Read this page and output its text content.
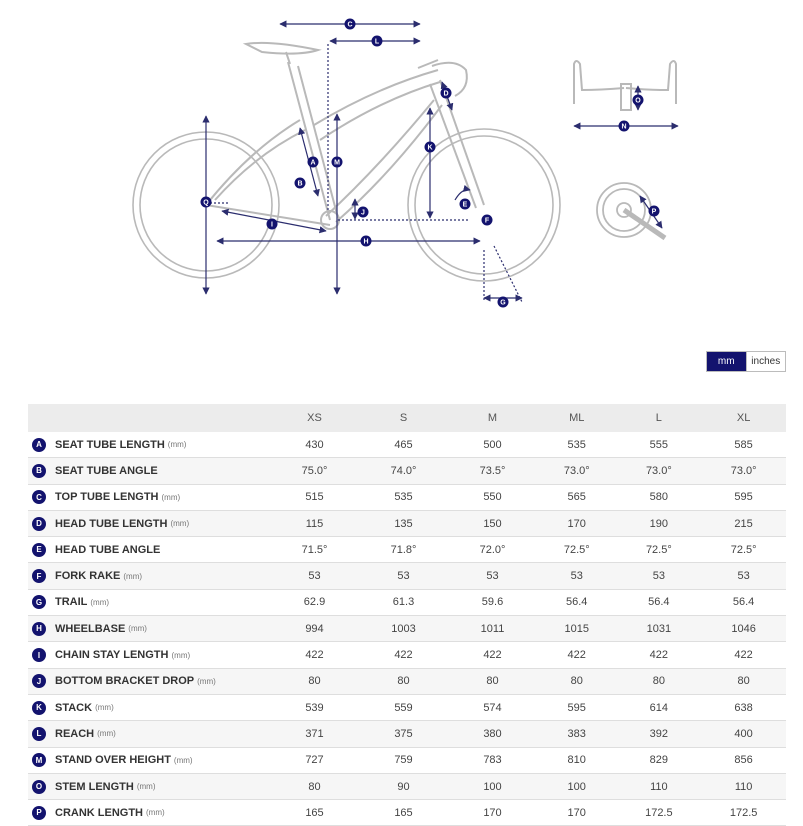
A
B
C
D
E
F
G
H
I
J
K
L
M
N
O
P
Q
mm	inches
	XS	S	M	ML	L	XL
A SEAT TUBE LENGTH (mm)	430	465	500	535	555	585
B SEAT TUBE ANGLE	75.0°	74.0°	73.5°	73.0°	73.0°	73.0°
C TOP TUBE LENGTH (mm)	515	535	550	565	580	595
D HEAD TUBE LENGTH (mm)	115	135	150	170	190	215
E HEAD TUBE ANGLE	71.5°	71.8°	72.0°	72.5°	72.5°	72.5°
F FORK RAKE (mm)	53	53	53	53	53	53
G TRAIL (mm)	62.9	61.3	59.6	56.4	56.4	56.4
H WHEELBASE (mm)	994	1003	1011	1015	1031	1046
I CHAIN STAY LENGTH (mm)	422	422	422	422	422	422
J BOTTOM BRACKET DROP (mm)	80	80	80	80	80	80
K STACK (mm)	539	559	574	595	614	638
L REACH (mm)	371	375	380	383	392	400
M STAND OVER HEIGHT (mm)	727	759	783	810	829	856
O STEM LENGTH (mm)	80	90	100	100	110	110
P CRANK LENGTH (mm)	165	165	170	170	172.5	172.5
